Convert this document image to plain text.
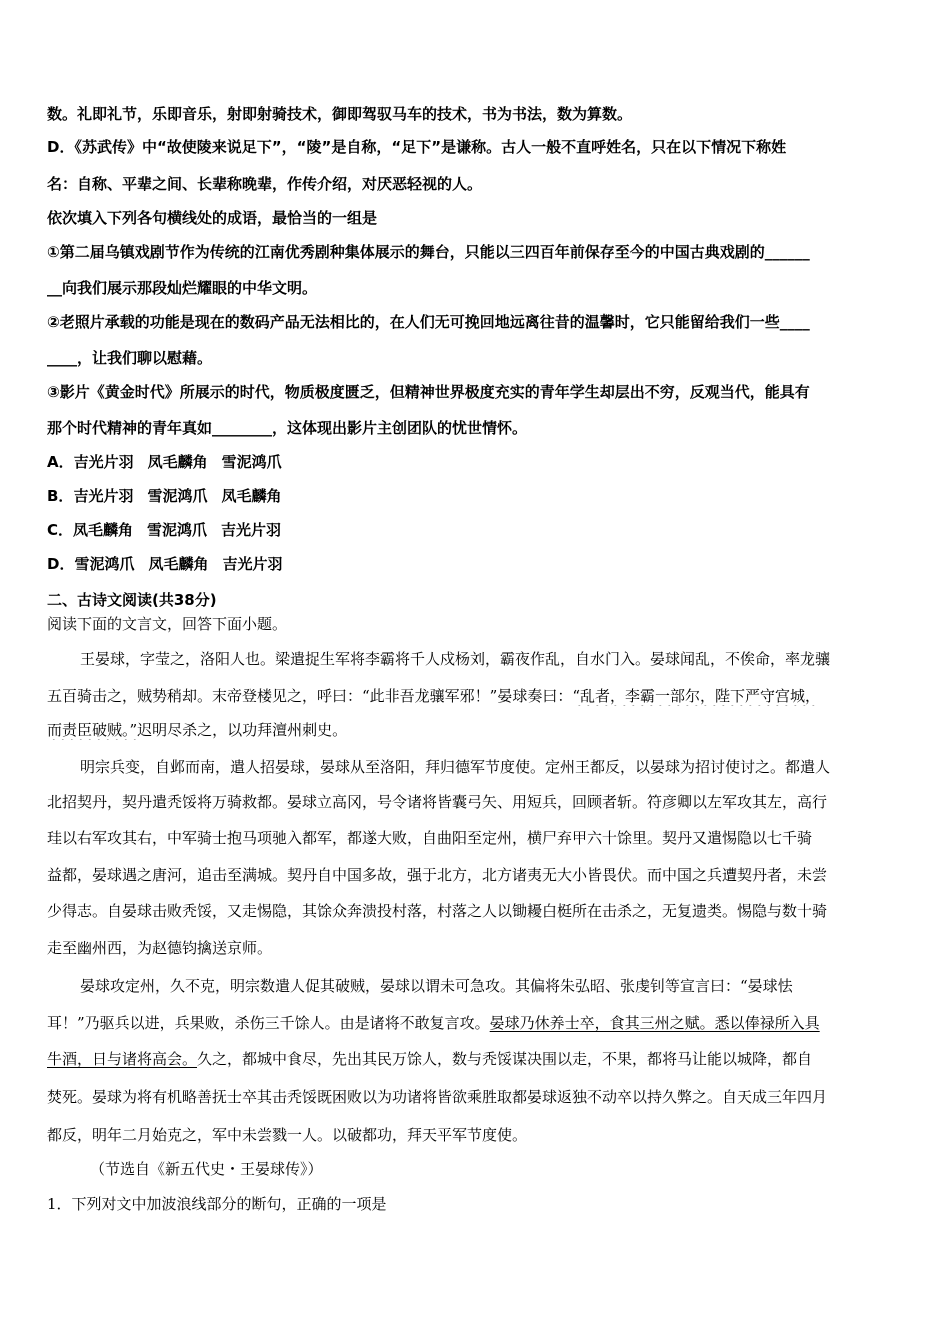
数。礼即礼节，乐即音乐，射即射骑技术，御即驾驭马车的技术，书为书法，数为算数。
D．《苏武传》中“故使陵来说足下”，“陵”是自称，“足下”是谦称。古人一般不直呼姓名，只在以下情况下称姓
名：自称、平辈之间、长辈称晚辈，作传介绍，对厌恶轻视的人。
依次填入下列各句横线处的成语，最恰当的一组是
①第二届乌镇戏剧节作为传统的江南优秀剧种集体展示的舞台，只能以三四百年前保存至今的中国古典戏剧的______
__向我们展示那段灿烂耀眼的中华文明。
②老照片承载的功能是现在的数码产品无法相比的，在人们无可挽回地远离往昔的温馨时，它只能留给我们一些____
____，让我们聊以慰藉。
③影片《黄金时代》所展示的时代，物质极度匮乏，但精神世界极度充实的青年学生却层出不穷，反观当代，能具有
那个时代精神的青年真如________，这体现出影片主创团队的忧世情怀。
A．吉光片羽 凤毛麟角 雪泥鸿爪
B．吉光片羽 雪泥鸿爪 凤毛麟角
C．凤毛麟角 雪泥鸿爪 吉光片羽
D．雪泥鸿爪 凤毛麟角 吉光片羽
二、古诗文阅读(共38分)
阅读下面的文言文，回答下面小题。
王晏球，字莹之，洛阳人也。梁遣捉生军将李霸将千人戍杨刘，霸夜作乱，自水门入。晏球闻乱，不俟命，率龙骧
五百骑击之，贼势稍却。末帝登楼见之，呼曰：“此非吾龙骧军邪！”晏球奏曰：“乱者，李霸一部尔，陛下严守宫城，
而责臣破贼。”迟明尽杀之，以功拜澶州刺史。
明宗兵变，自邺而南，遣人招晏球，晏球从至洛阳，拜归德军节度使。定州王都反，以晏球为招讨使讨之。都遣人
北招契丹，契丹遣秃馁将万骑救都。晏球立高冈，号令诸将皆囊弓矢、用短兵，回顾者斩。符彦卿以左军攻其左，高行
珪以右军攻其右，中军骑士抱马项驰入都军，都遂大败，自曲阳至定州，横尸弃甲六十馀里。契丹又遣惕隐以七千骑
益都，晏球遇之唐河，追击至满城。契丹自中国多故，强于北方，北方诸夷无大小皆畏伏。而中国之兵遭契丹者，未尝
少得志。自晏球击败秃馁，又走惕隐，其馀众奔溃投村落，村落之人以锄耰白梃所在击杀之，无复遗类。惕隐与数十骑
走至幽州西，为赵德钧擒送京师。
晏球攻定州，久不克，明宗数遣人促其破贼，晏球以谓未可急攻。其偏将朱弘昭、张虔钊等宣言曰：“晏球怯
耳！”乃驱兵以进，兵果败，杀伤三千馀人。由是诸将不敢复言攻。晏球乃休养士卒，食其三州之赋。悉以俸禄所入具
牛酒，日与诸将高会。久之，都城中食尽，先出其民万馀人，数与秃馁谋决围以走，不果，都将马让能以城降，都自
焚死。晏球为将有机略善抚士卒其击秃馁既困败以为功诸将皆欲乘胜取都晏球返独不动卒以持久弊之。自天成三年四月
都反，明年二月始克之，军中未尝戮一人。以破都功，拜天平军节度使。
（节选自《新五代史・王晏球传》）
1．下列对文中加波浪线部分的断句，正确的一项是
